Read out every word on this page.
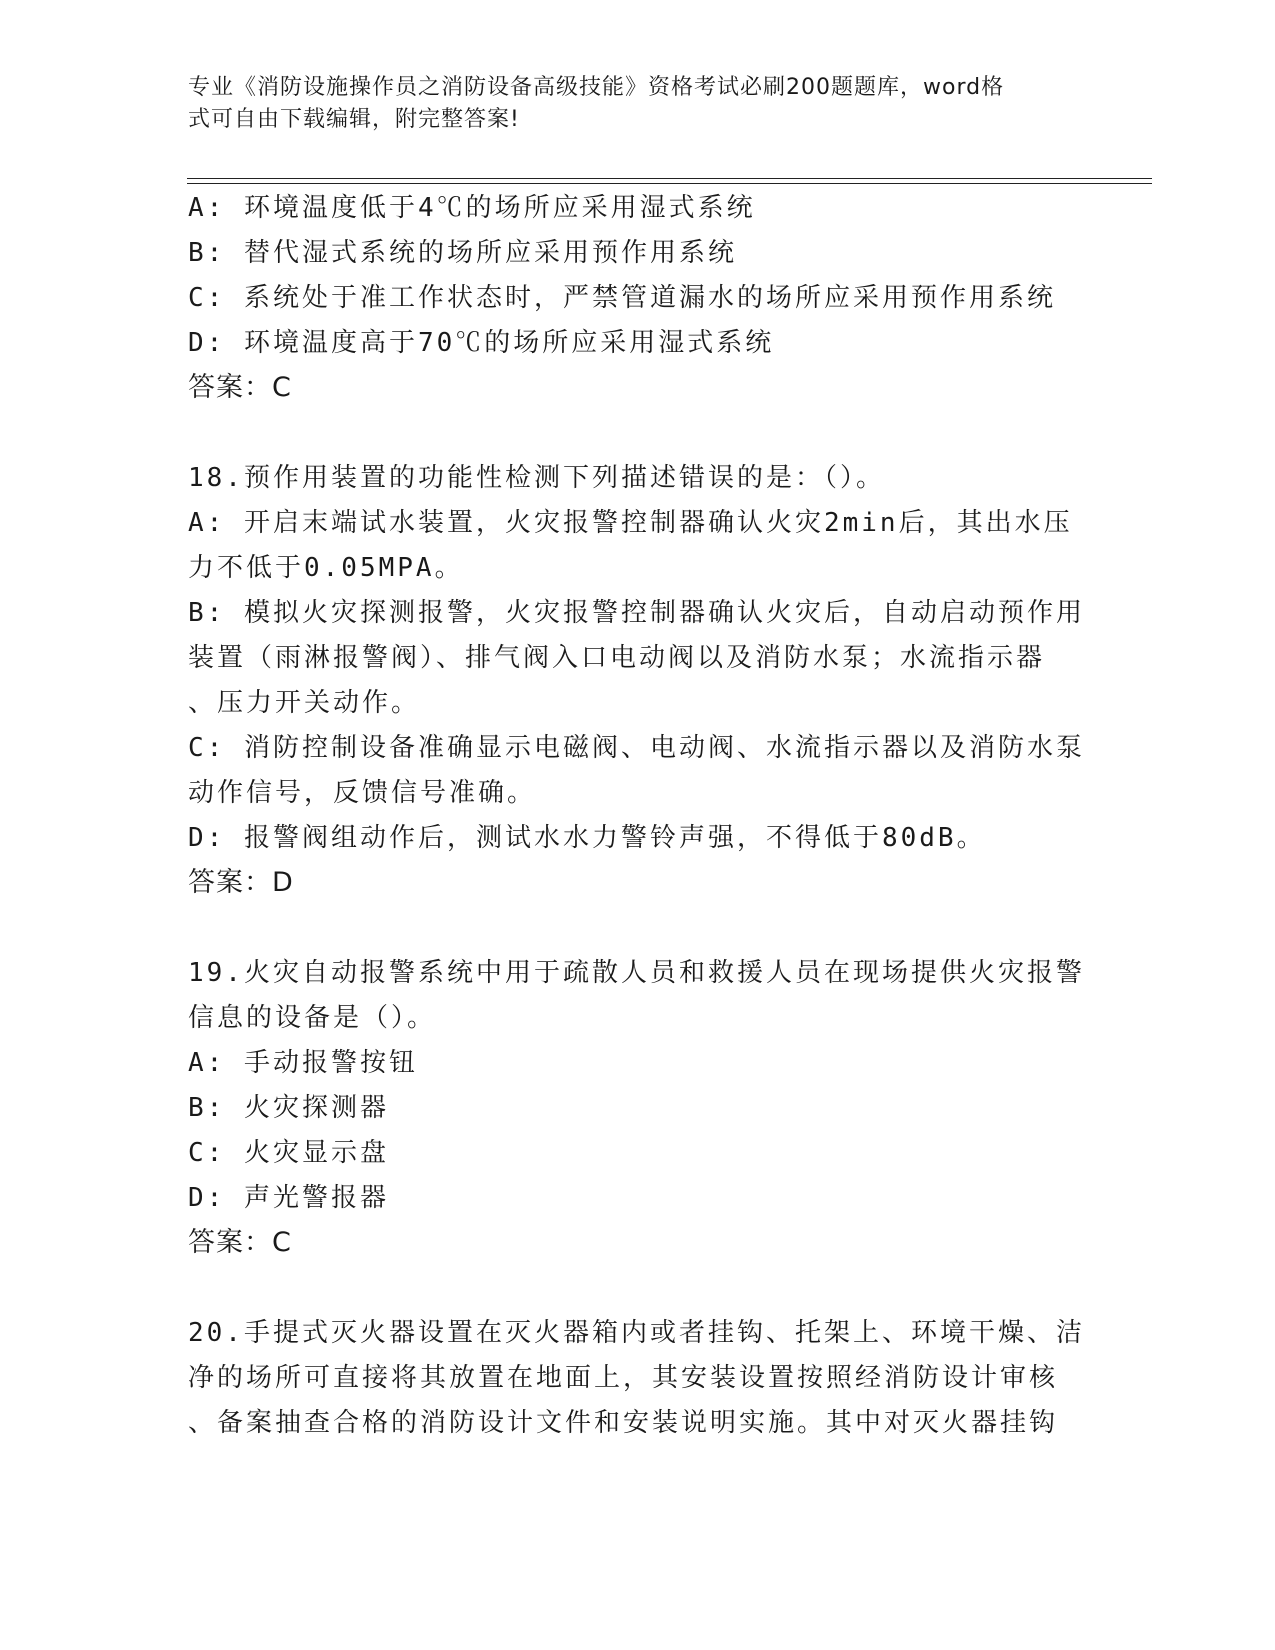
专业《消防设施操作员之消防设备高级技能》资格考试必刷200题题库，word格
式可自由下载编辑，附完整答案!
A: 环境温度低于4℃的场所应采用湿式系统
B: 替代湿式系统的场所应采用预作用系统
C: 系统处于准工作状态时，严禁管道漏水的场所应采用预作用系统
D: 环境温度高于70℃的场所应采用湿式系统
答案：C
18.预作用装置的功能性检测下列描述错误的是：（）。
A: 开启末端试水装置，火灾报警控制器确认火灾2min后，其出水压
力不低于0.05MPA。
B: 模拟火灾探测报警，火灾报警控制器确认火灾后，自动启动预作用
装置（雨淋报警阀）、排气阀入口电动阀以及消防水泵；水流指示器
、压力开关动作。
C: 消防控制设备准确显示电磁阀、电动阀、水流指示器以及消防水泵
动作信号，反馈信号准确。
D: 报警阀组动作后，测试水水力警铃声强，不得低于80dB。
答案：D
19.火灾自动报警系统中用于疏散人员和救援人员在现场提供火灾报警
信息的设备是（）。
A: 手动报警按钮
B: 火灾探测器
C: 火灾显示盘
D: 声光警报器
答案：C
20.手提式灭火器设置在灭火器箱内或者挂钩、托架上、环境干燥、洁
净的场所可直接将其放置在地面上，其安装设置按照经消防设计审核
、备案抽查合格的消防设计文件和安装说明实施。其中对灭火器挂钩
